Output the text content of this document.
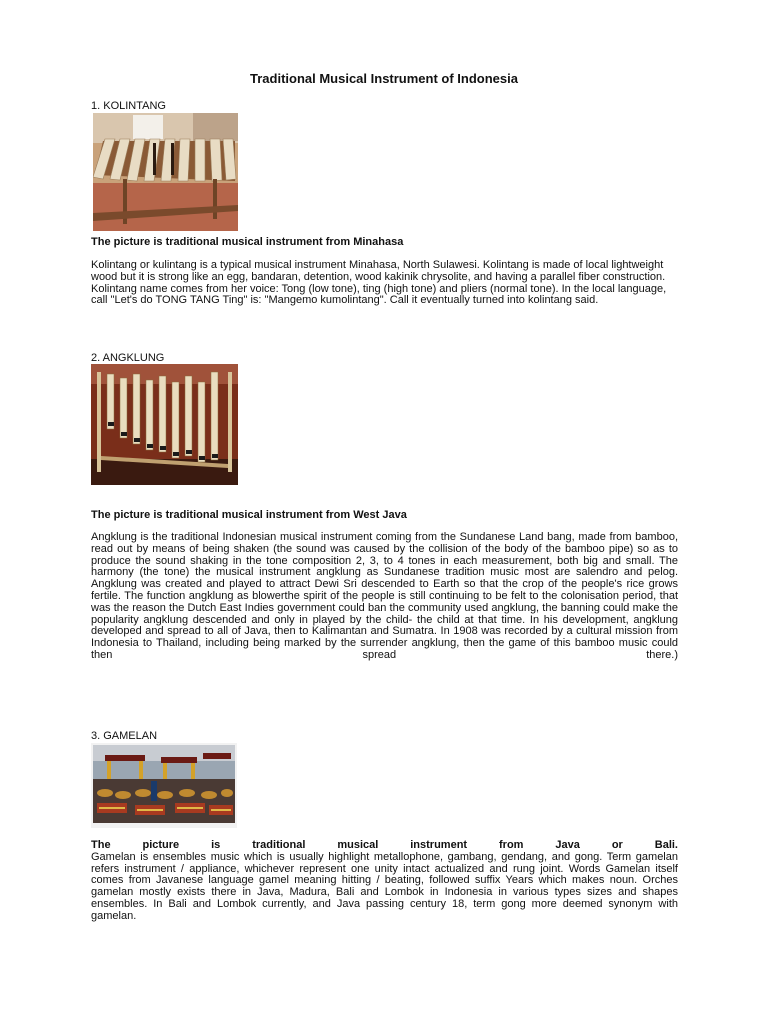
Traditional Musical Instrument of Indonesia
1. KOLINTANG
The picture is traditional musical instrument from Minahasa

Kolintang or kulintang is a typical musical instrument Minahasa, North Sulawesi. Kolintang is made of local lightweight wood but it is strong like an egg, bandaran, detention, wood kakinik chrysolite, and having a parallel fiber construction.

Kolintang name comes from her voice: Tong (low tone), ting (high tone) and pliers (normal tone). In the local language, call "Let's do TONG TANG Ting" is: "Mangemo kumolintang". Call it eventually turned into kolintang said.

2. ANGKLUNG
The picture is traditional musical instrument from West Java

Angklung is the traditional Indonesian musical instrument coming from the Sundanese Land bang, made from bamboo, read out by means of being shaken (the sound was caused by the collision of the body of the bamboo pipe) so as to produce the sound shaking in the tone composition 2, 3, to 4 tones in each measurement, both big and small. The harmony (the tone) the musical instrument angklung as Sundanese tradition music most are salendro and pelog.

Angklung was created and played to attract Dewi Sri descended to Earth so that the crop of the people's rice grows fertile. The function angklung as blowerthe spirit of the people is still continuing to be felt to the colonisation period, that was the reason the Dutch East Indies government could ban the community used angklung, the banning could make the popularity angklung descended and only in played by the child- the child at that time. In his development, angklung developed and spread to all of Java, then to Kalimantan and Sumatra. In 1908 was recorded by a cultural mission from Indonesia to Thailand, including being marked by the surrender angklung, then the game of this bamboo music could then spread there.)

3. GAMELAN

The picture is traditional musical instrument from Java or Bali.

Gamelan is ensembles music which is usually highlight metallophone, gambang, gendang, and gong. Term gamelan refers instrument / appliance, whichever represent one unity intact actualized and rung joint. Words Gamelan itself comes from Javanese language gamel meaning hitting / beating, followed suffix Years which makes noun. Orches gamelan mostly exists there in Java, Madura, Bali and Lombok in Indonesia in various types sizes and shapes ensembles. In Bali and Lombok currently, and Java passing century 18, term gong more deemed synonym with gamelan.
